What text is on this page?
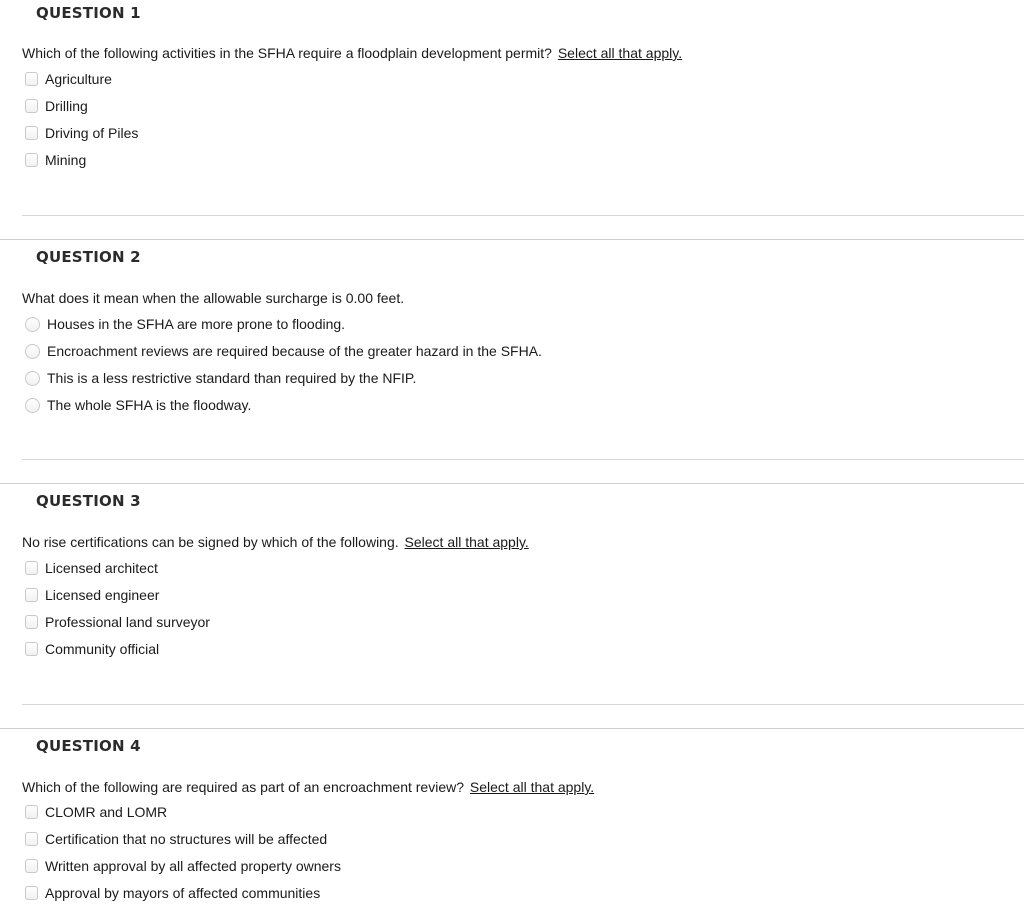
QUESTION 1
Which of the following activities in the SFHA require a floodplain development permit? Select all that apply.
Agriculture
Drilling
Driving of Piles
Mining
QUESTION 2
What does it mean when the allowable surcharge is 0.00 feet.
Houses in the SFHA are more prone to flooding.
Encroachment reviews are required because of the greater hazard in the SFHA.
This is a less restrictive standard than required by the NFIP.
The whole SFHA is the floodway.
QUESTION 3
No rise certifications can be signed by which of the following. Select all that apply.
Licensed architect
Licensed engineer
Professional land surveyor
Community official
QUESTION 4
Which of the following are required as part of an encroachment review? Select all that apply.
CLOMR and LOMR
Certification that no structures will be affected
Written approval by all affected property owners
Approval by mayors of affected communities
